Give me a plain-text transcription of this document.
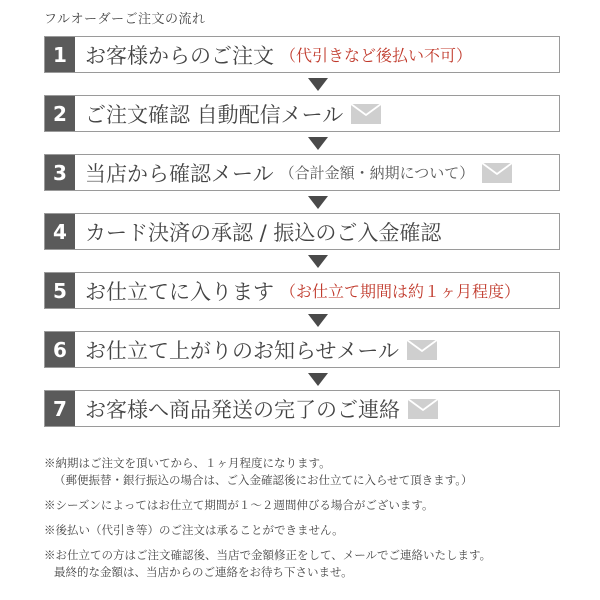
フルオーダーご注文の流れ
1 お客様からのご注文 （代引きなど後払い不可）
2 ご注文確認 自動配信メール
3 当店から確認メール （合計金額・納期について）
4 カード決済の承認 / 振込のご入金確認
5 お仕立てに入ります （お仕立て期間は約１ヶ月程度）
6 お仕立て上がりのお知らせメール
7 お客様へ商品発送の完了のご連絡

※納期はご注文を頂いてから、１ヶ月程度になります。
（郵便振替・銀行振込の場合は、ご入金確認後にお仕立てに入らせて頂きます。）

※シーズンによってはお仕立て期間が１～２週間伸びる場合がございます。

※後払い（代引き等）のご注文は承ることができません。

※お仕立ての方はご注文確認後、当店で金額修正をして、メールでご連絡いたします。
最終的な金額は、当店からのご連絡をお待ち下さいませ。
